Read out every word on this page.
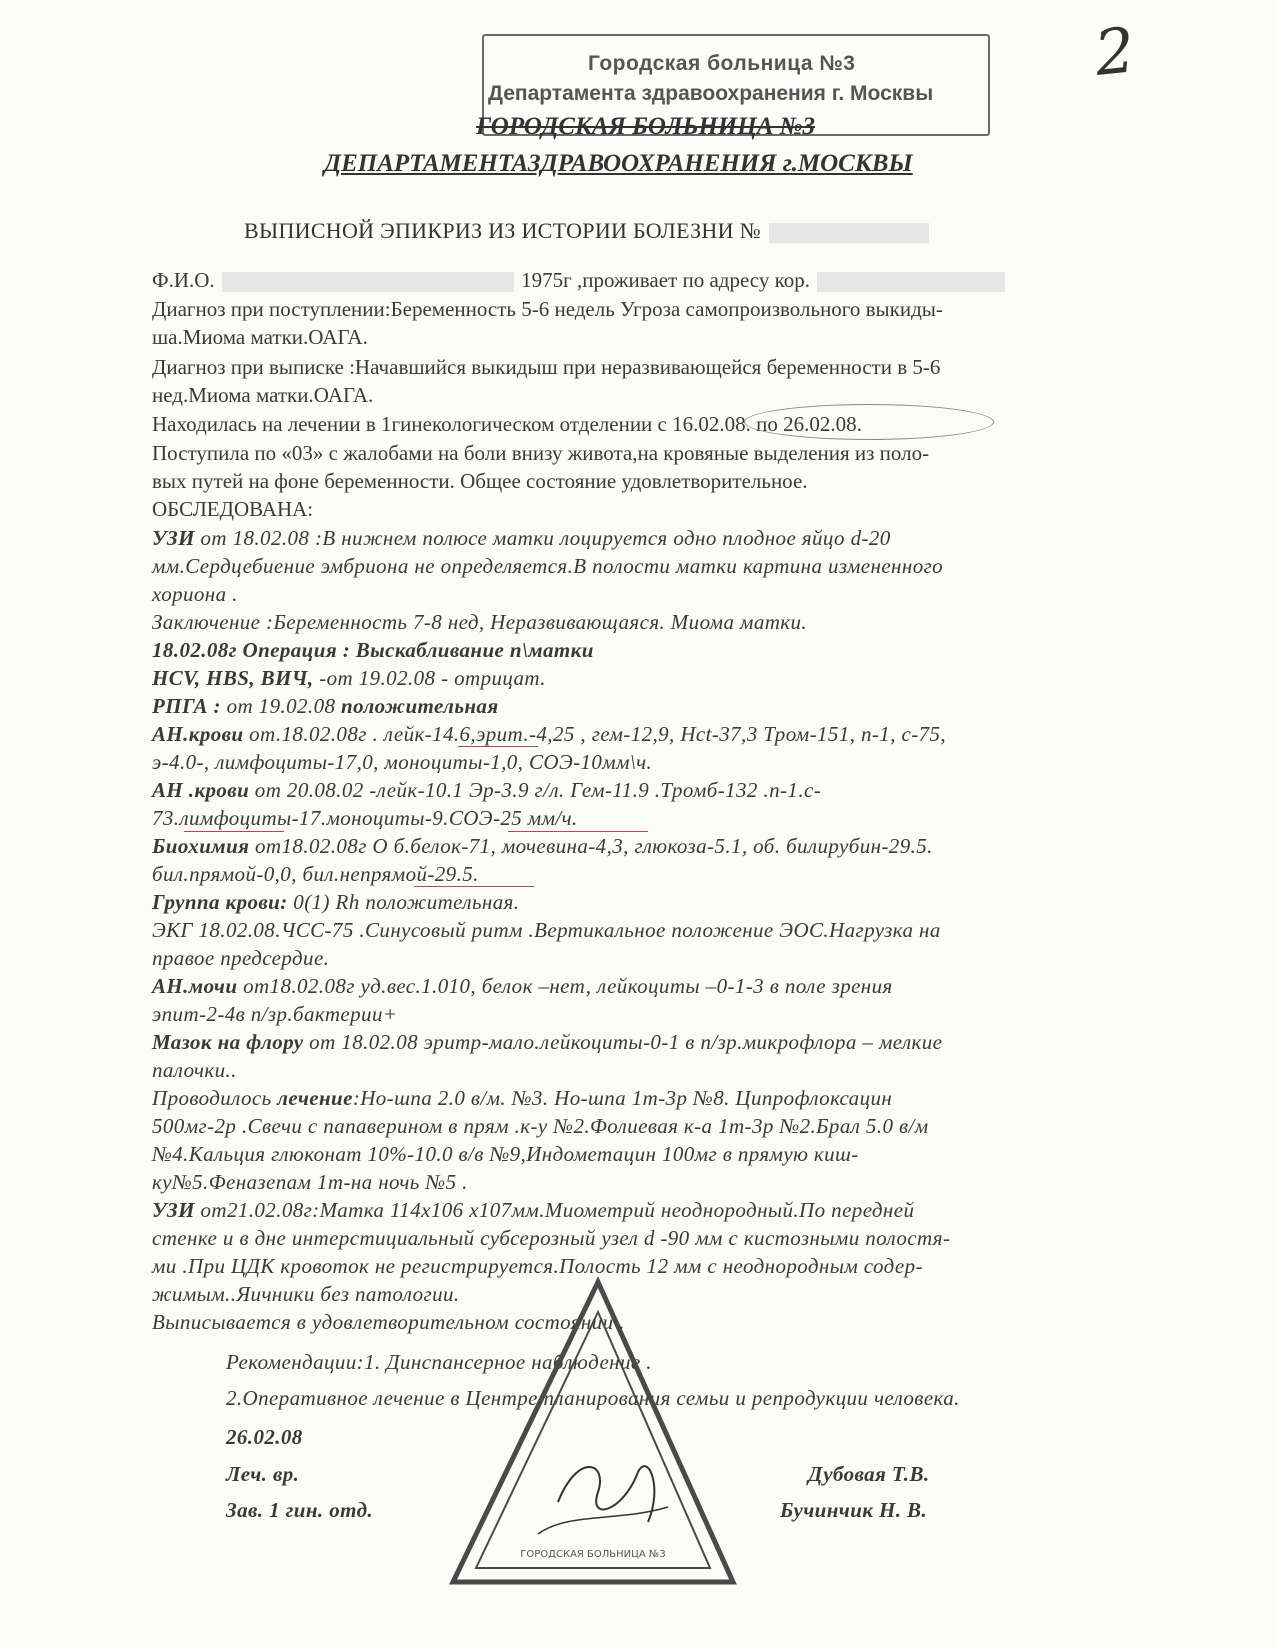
2
Городская больница №3
Департамента здравоохранения г. Москвы
ГОРОДСКАЯ БОЛЬНИЦА №3
ДЕПАРТАМЕНТАЗДРАВООХРАНЕНИЯ г.МОСКВЫ
ВЫПИСНОЙ ЭПИКРИЗ ИЗ ИСТОРИИ БОЛЕЗНИ №
Ф.И.О.	1975г ,проживает по адресу кор.
Диагноз при поступлении:Беременность 5-6 недель Угроза самопроизвольного выкиды-
ша.Миома матки.ОАГА.
Диагноз при выписке :Начавшийся выкидыш при неразвивающейся беременности в 5-6
нед.Миома матки.ОАГА.
Находилась на лечении в 1гинекологическом отделении с 16.02.08. по 26.02.08.
Поступила по «03» с жалобами на боли внизу живота,на кровяные выделения из поло-
вых путей на фоне беременности. Общее состояние удовлетворительное.
ОБСЛЕДОВАНА:
УЗИ от 18.02.08 :В нижнем полюсе матки лоцируется одно плодное яйцо d-20
мм.Сердцебиение эмбриона не определяется.В полости матки картина измененного
хориона .
Заключение :Беременность 7-8 нед, Неразвивающаяся. Миома матки.
18.02.08г Операция : Выскабливание п\матки
HCV, HBS, ВИЧ, -от 19.02.08 - отрицат.
РПГА : от 19.02.08 положительная
АН.крови от.18.02.08г . лейк-14.6,эрит.-4,25 , гем-12,9, Hct-37,3 Тром-151, п-1, с-75,
э-4.0-, лимфоциты-17,0, моноциты-1,0, СОЭ-10мм\ч.
АН .крови от 20.08.02 -лейк-10.1 Эр-3.9 г/л. Гем-11.9 .Тромб-132 .п-1.с-
73.лимфоциты-17.моноциты-9.СОЭ-25 мм/ч.
Биохимия от18.02.08г О б.белок-71, мочевина-4,3, глюкоза-5.1, об. билирубин-29.5.
бил.прямой-0,0, бил.непрямой-29.5.
Группа крови: 0(1) Rh положительная.
ЭКГ 18.02.08.ЧСС-75 .Синусовый ритм .Вертикальное положение ЭОС.Нагрузка на
правое предсердие.
АН.мочи от18.02.08г уд.вес.1.010, белок –нет, лейкоциты –0-1-3 в поле зрения
эпит-2-4в п/зр.бактерии+
Мазок на флору от 18.02.08 эритр-мало.лейкоциты-0-1 в п/зр.микрофлора – мелкие
палочки..
Проводилось лечение:Но-шпа 2.0 в/м. №3. Но-шпа 1т-3р №8. Ципрофлоксацин
500мг-2р .Свечи с папаверином в прям .к-у №2.Фолиевая к-а 1т-3р №2.Брал 5.0 в/м
№4.Кальция глюконат 10%-10.0 в/в №9,Индометацин 100мг в прямую киш-
ку№5.Феназепам 1т-на ночь №5 .
УЗИ от21.02.08г:Матка 114х106 х107мм.Миометрий неоднородный.По передней
стенке и в дне интерстициальный субсерозный узел d -90 мм с кистозными полостя-
ми .При ЦДК кровоток не регистрируется.Полость 12 мм с неоднородным содер-
жимым..Яичники без патологии.
Выписывается в удовлетворительном состоянии .
Рекомендации:1. Динспансерное наблюдение .
2.Оперативное лечение в Центре планирования семьи и репродукции человека.
26.02.08
Леч. вр.	Дубовая Т.В.
Зав. 1 гин. отд.	Бучинчик Н. В.
ГОРОДСКАЯ БОЛЬНИЦА №3
